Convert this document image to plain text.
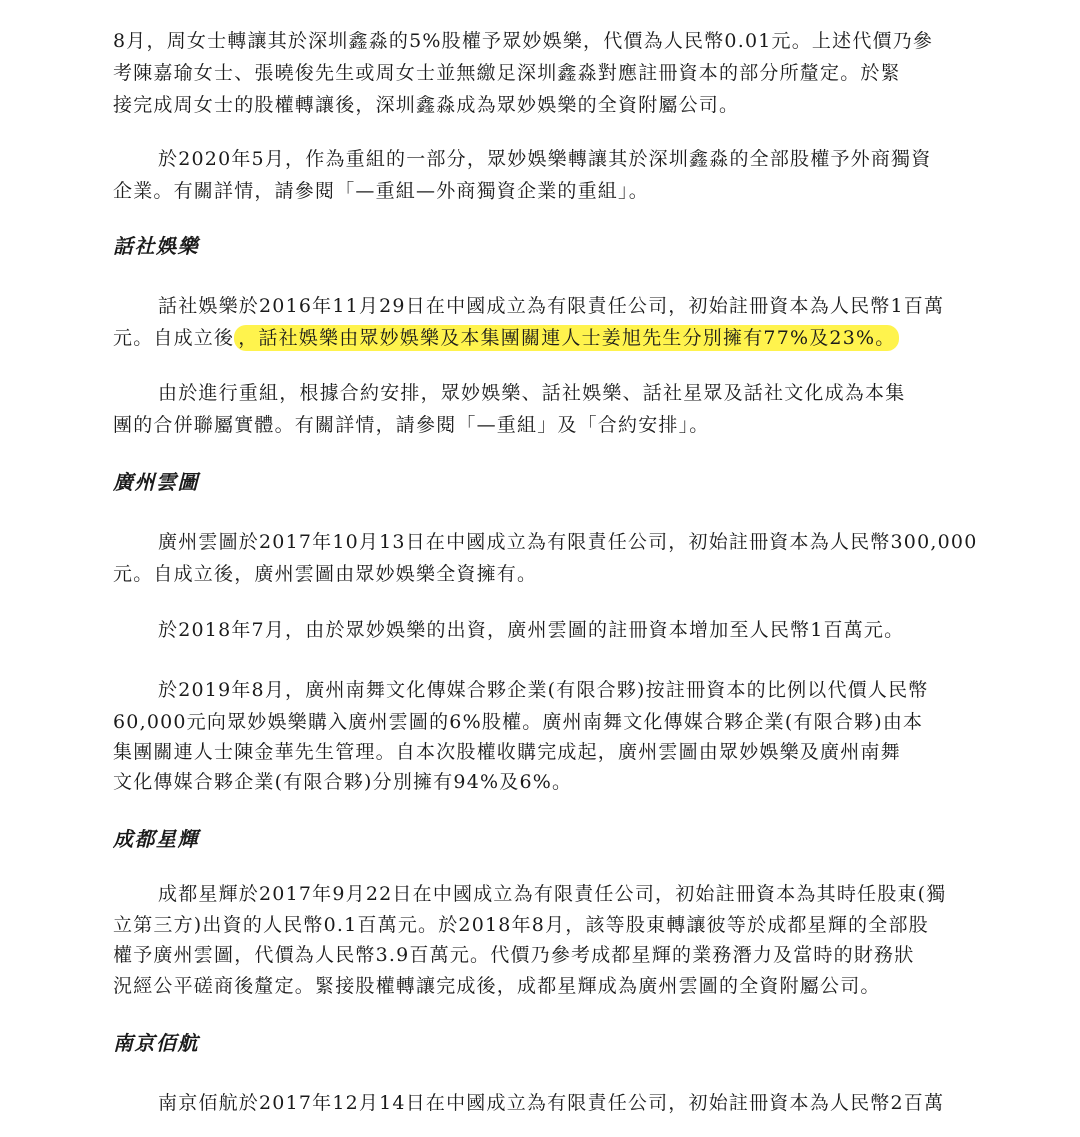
8月，周女士轉讓其於深圳鑫淼的5%股權予眾妙娛樂，代價為人民幣0.01元。上述代價乃參
考陳嘉瑜女士、張曉俊先生或周女士並無繳足深圳鑫淼對應註冊資本的部分所釐定。於緊
接完成周女士的股權轉讓後，深圳鑫淼成為眾妙娛樂的全資附屬公司。
於2020年5月，作為重組的一部分，眾妙娛樂轉讓其於深圳鑫淼的全部股權予外商獨資
企業。有關詳情，請參閱「—重組—外商獨資企業的重組」。
話社娛樂
話社娛樂於2016年11月29日在中國成立為有限責任公司，初始註冊資本為人民幣1百萬
元。自成立後 ，話社娛樂由眾妙娛樂及本集團關連人士姜旭先生分別擁有77%及23%。
由於進行重組，根據合約安排，眾妙娛樂、話社娛樂、話社星眾及話社文化成為本集
團的合併聯屬實體。有關詳情，請參閱「—重組」及「合約安排」。
廣州雲圖
廣州雲圖於2017年10月13日在中國成立為有限責任公司，初始註冊資本為人民幣300,000
元。自成立後，廣州雲圖由眾妙娛樂全資擁有。
於2018年7月，由於眾妙娛樂的出資，廣州雲圖的註冊資本增加至人民幣1百萬元。
於2019年8月，廣州南舞文化傳媒合夥企業(有限合夥)按註冊資本的比例以代價人民幣
60,000元向眾妙娛樂購入廣州雲圖的6%股權。廣州南舞文化傳媒合夥企業(有限合夥)由本
集團關連人士陳金華先生管理。自本次股權收購完成起，廣州雲圖由眾妙娛樂及廣州南舞
文化傳媒合夥企業(有限合夥)分別擁有94%及6%。
成都星輝
成都星輝於2017年9月22日在中國成立為有限責任公司，初始註冊資本為其時任股東(獨
立第三方)出資的人民幣0.1百萬元。於2018年8月，該等股東轉讓彼等於成都星輝的全部股
權予廣州雲圖，代價為人民幣3.9百萬元。代價乃參考成都星輝的業務潛力及當時的財務狀
況經公平磋商後釐定。緊接股權轉讓完成後，成都星輝成為廣州雲圖的全資附屬公司。
南京佰航
南京佰航於2017年12月14日在中國成立為有限責任公司，初始註冊資本為人民幣2百萬
